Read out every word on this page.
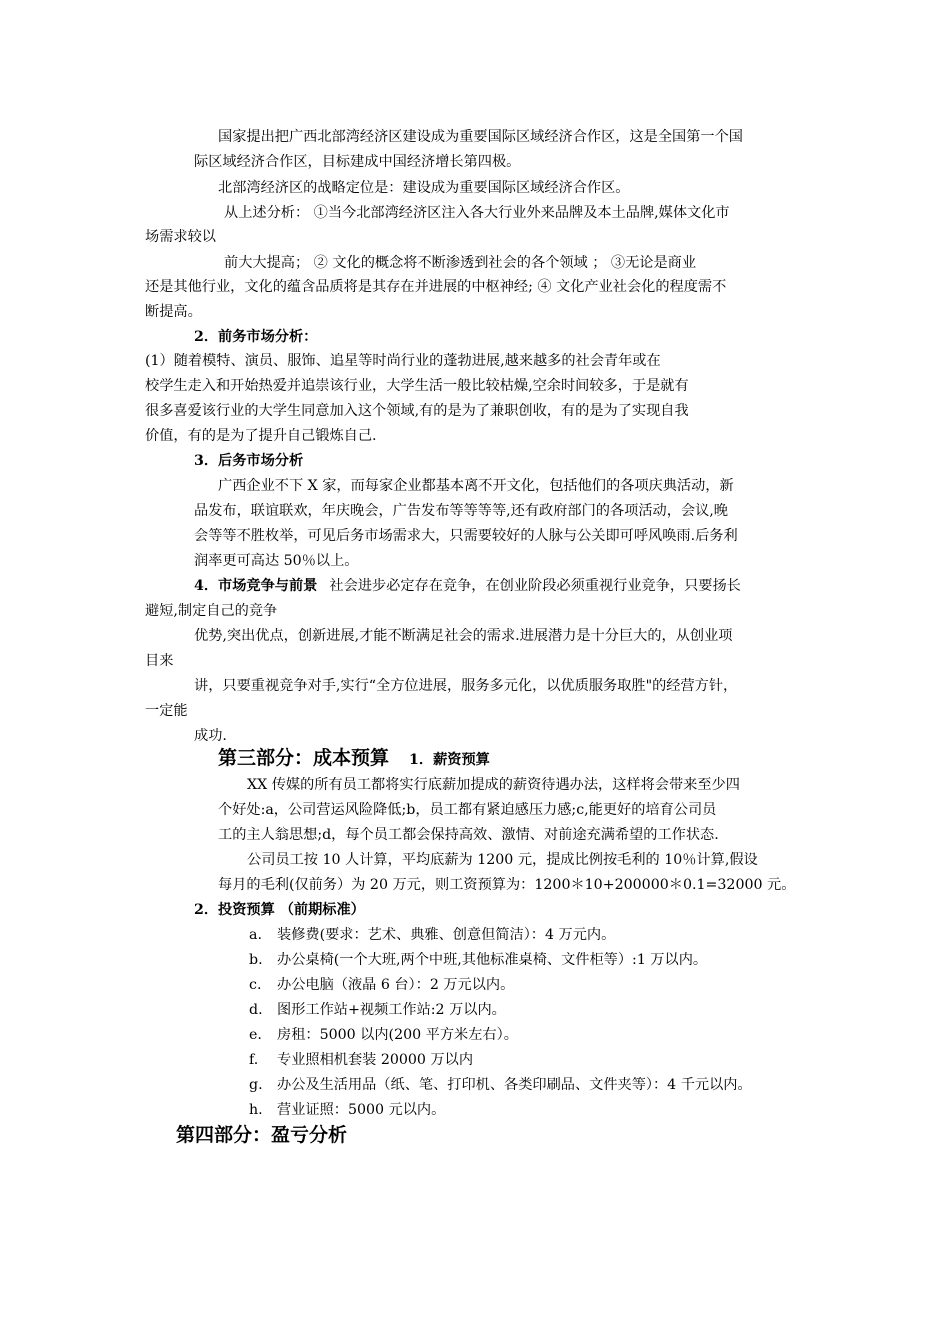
国家提出把广西北部湾经济区建设成为重要国际区域经济合作区，这是全国第一个国
际区域经济合作区，目标建成中国经济增长第四极。
北部湾经济区的战略定位是：建设成为重要国际区域经济合作区。
从上述分析： ①当今北部湾经济区注入各大行业外来品牌及本土品牌,媒体文化市
场需求较以
前大大提高； ② 文化的概念将不断渗透到社会的各个领域 ； ③无论是商业
还是其他行业，文化的蕴含品质将是其存在并进展的中枢神经; ④ 文化产业社会化的程度需不
断提高。
2．前务市场分析：
(1）随着模特、演员、服饰、追星等时尚行业的蓬勃进展,越来越多的社会青年或在
校学生走入和开始热爱并追崇该行业，大学生活一般比较枯燥,空余时间较多，于是就有
很多喜爱该行业的大学生同意加入这个领域,有的是为了兼职创收，有的是为了实现自我
价值，有的是为了提升自己锻炼自己.
3．后务市场分析
广西企业不下 X 家，而每家企业都基本离不开文化，包括他们的各项庆典活动，新
品发布，联谊联欢，年庆晚会，广告发布等等等等,还有政府部门的各项活动，会议,晚
会等等不胜枚举，可见后务市场需求大，只需要较好的人脉与公关即可呼风唤雨.后务利
润率更可高达 50％以上。
4．市场竞争与前景 社会进步必定存在竞争，在创业阶段必须重视行业竞争，只要扬长
避短,制定自己的竞争
优势,突出优点，创新进展,才能不断满足社会的需求.进展潜力是十分巨大的，从创业项
目来
讲，只要重视竞争对手,实行“全方位进展，服务多元化，以优质服务取胜"的经营方针，
一定能
成功.
第三部分：成本预算 1．薪资预算
XX 传媒的所有员工都将实行底薪加提成的薪资待遇办法，这样将会带来至少四
个好处:a，公司营运风险降低;b，员工都有紧迫感压力感;c,能更好的培育公司员
工的主人翁思想;d，每个员工都会保持高效、激情、对前途充满希望的工作状态.
公司员工按 10 人计算，平均底薪为 1200 元，提成比例按毛利的 10％计算,假设
每月的毛利(仅前务）为 20 万元，则工资预算为：1200＊10+200000＊0.1=32000 元。
2．投资预算 （前期标准）
a. 装修费(要求：艺术、典雅、创意但简洁）：4 万元内。
b. 办公桌椅(一个大班,两个中班,其他标准桌椅、文件柜等）:1 万以内。
c. 办公电脑（液晶 6 台）：2 万元以内。
d. 图形工作站+视频工作站:2 万以内。
e. 房租：5000 以内(200 平方米左右）。
f. 专业照相机套装 20000 万以内
g. 办公及生活用品（纸、笔、打印机、各类印刷品、文件夹等）：4 千元以内。
h. 营业证照：5000 元以内。
第四部分：盈亏分析
